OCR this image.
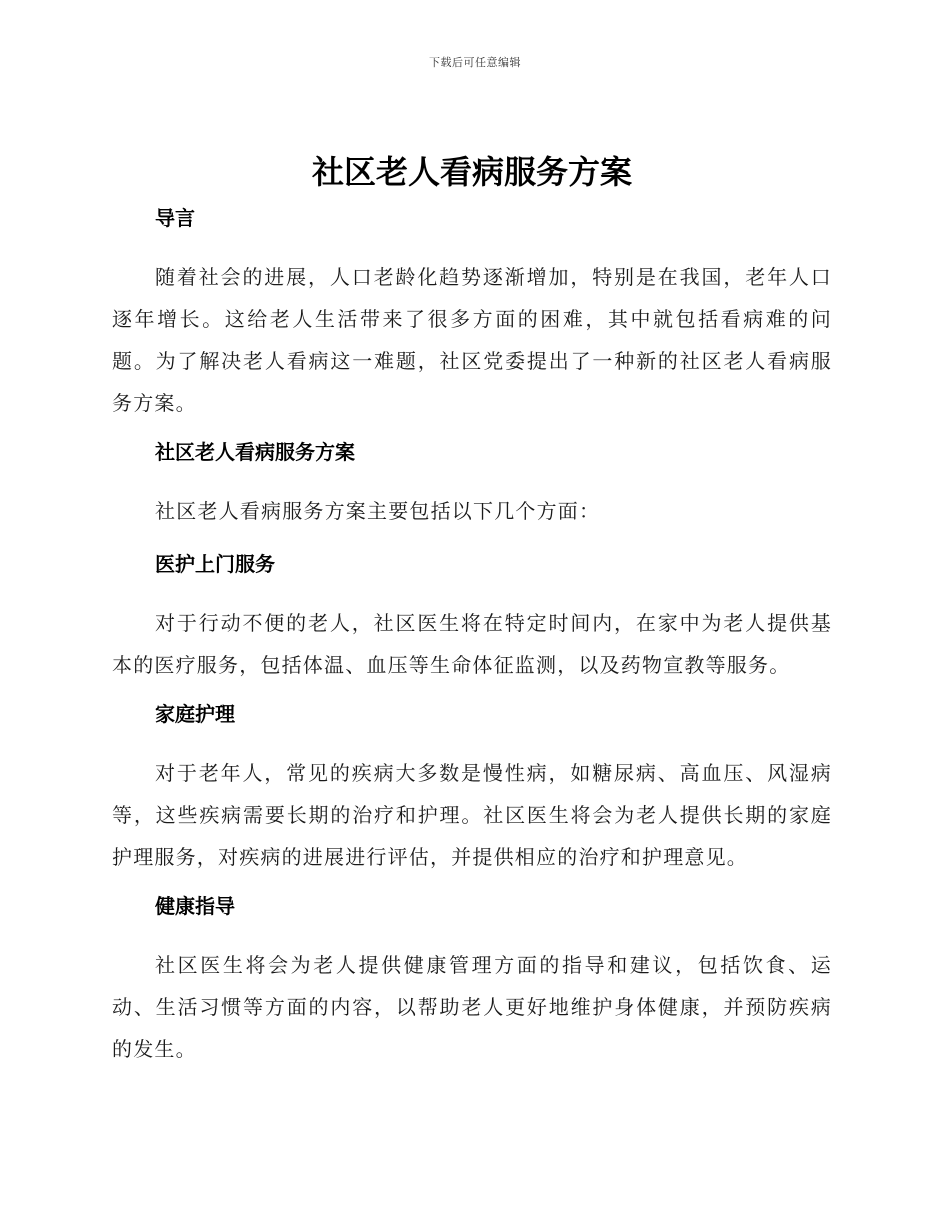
下载后可任意编辑
社区老人看病服务方案
导言

随着社会的进展，人口老龄化趋势逐渐增加，特别是在我国，老年人口逐年增长。这给老人生活带来了很多方面的困难，其中就包括看病难的问题。为了解决老人看病这一难题，社区党委提出了一种新的社区老人看病服务方案。

社区老人看病服务方案

社区老人看病服务方案主要包括以下几个方面：

医护上门服务

对于行动不便的老人，社区医生将在特定时间内，在家中为老人提供基本的医疗服务，包括体温、血压等生命体征监测，以及药物宣教等服务。

家庭护理

对于老年人，常见的疾病大多数是慢性病，如糖尿病、高血压、风湿病等，这些疾病需要长期的治疗和护理。社区医生将会为老人提供长期的家庭护理服务，对疾病的进展进行评估，并提供相应的治疗和护理意见。

健康指导

社区医生将会为老人提供健康管理方面的指导和建议，包括饮食、运动、生活习惯等方面的内容，以帮助老人更好地维护身体健康，并预防疾病的发生。
